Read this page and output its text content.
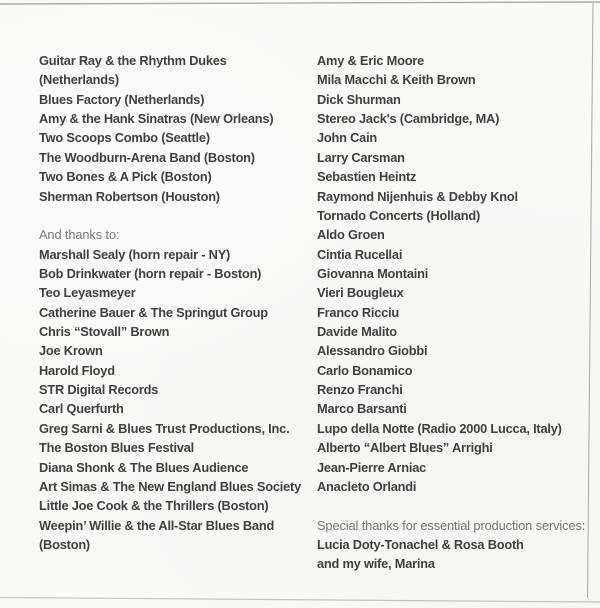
Guitar Ray & the Rhythm Dukes
(Netherlands)
Blues Factory (Netherlands)
Amy & the Hank Sinatras (New Orleans)
Two Scoops Combo (Seattle)
The Woodburn-Arena Band (Boston)
Two Bones & A Pick (Boston)
Sherman Robertson (Houston)

And thanks to:
Marshall Sealy (horn repair - NY)
Bob Drinkwater (horn repair - Boston)
Teo Leyasmeyer
Catherine Bauer & The Springut Group
Chris “Stovall” Brown
Joe Krown
Harold Floyd
STR Digital Records
Carl Querfurth
Greg Sarni & Blues Trust Productions, Inc.
The Boston Blues Festival
Diana Shonk & The Blues Audience
Art Simas & The New England Blues Society
Little Joe Cook & the Thrillers (Boston)
Weepin’ Willie & the All-Star Blues Band
(Boston)
Amy & Eric Moore
Mila Macchi & Keith Brown
Dick Shurman
Stereo Jack's (Cambridge, MA)
John Cain
Larry Carsman
Sebastien Heintz
Raymond Nijenhuis & Debby Knol
Tornado Concerts (Holland)
Aldo Groen
Cintia Rucellai
Giovanna Montaini
Vieri Bougleux
Franco Ricciu
Davide Malito
Alessandro Giobbi
Carlo Bonamico
Renzo Franchi
Marco Barsanti
Lupo della Notte (Radio 2000 Lucca, Italy)
Alberto “Albert Blues” Arrighi
Jean-Pierre Arniac
Anacleto Orlandi

Special thanks for essential production services:
Lucia Doty-Tonachel & Rosa Booth
and my wife, Marina
